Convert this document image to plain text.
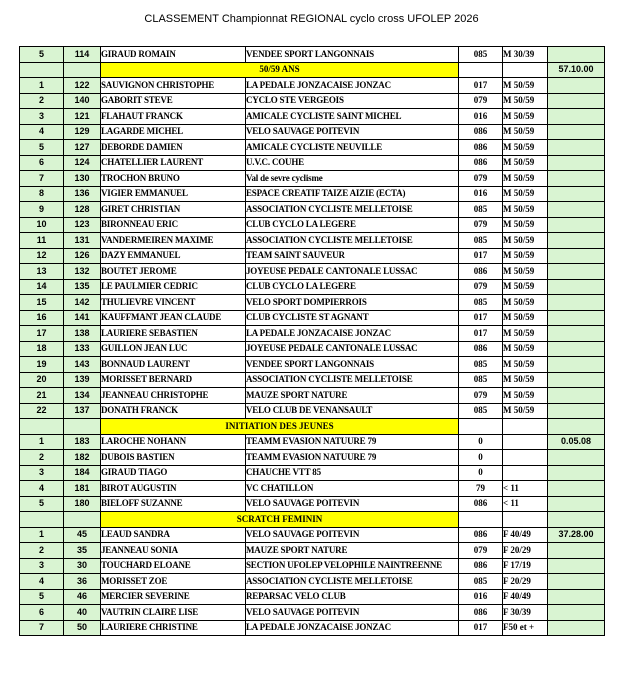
CLASSEMENT Championnat REGIONAL cyclo cross UFOLEP 2026
5	114	GIRAUD ROMAIN	VENDEE SPORT LANGONNAIS	085	M 30/39	
		50/59 ANS				57.10.00
1	122	SAUVIGNON CHRISTOPHE	LA PEDALE JONZACAISE JONZAC	017	M 50/59	
2	140	GABORIT STEVE	CYCLO STE VERGEOIS	079	M 50/59	
3	121	FLAHAUT FRANCK	AMICALE CYCLISTE SAINT MICHEL	016	M 50/59	
4	129	LAGARDE MICHEL	VELO SAUVAGE POITEVIN	086	M 50/59	
5	127	DEBORDE DAMIEN	AMICALE CYCLISTE NEUVILLE	086	M 50/59	
6	124	CHATELLIER LAURENT	U.V.C. COUHE	086	M 50/59	
7	130	TROCHON BRUNO	Val de sevre cyclisme	079	M 50/59	
8	136	VIGIER EMMANUEL	ESPACE CREATIF TAIZE AIZIE (ECTA)	016	M 50/59	
9	128	GIRET CHRISTIAN	ASSOCIATION CYCLISTE MELLETOISE	085	M 50/59	
10	123	BIRONNEAU ERIC	CLUB CYCLO LA LEGERE	079	M 50/59	
11	131	VANDERMEIREN MAXIME	ASSOCIATION CYCLISTE MELLETOISE	085	M 50/59	
12	126	DAZY EMMANUEL	TEAM SAINT SAUVEUR	017	M 50/59	
13	132	BOUTET JEROME	JOYEUSE PEDALE CANTONALE LUSSAC	086	M 50/59	
14	135	LE PAULMIER CEDRIC	CLUB CYCLO LA LEGERE	079	M 50/59	
15	142	THULIEVRE VINCENT	VELO SPORT DOMPIERROIS	085	M 50/59	
16	141	KAUFFMANT JEAN CLAUDE	CLUB CYCLISTE ST AGNANT	017	M 50/59	
17	138	LAURIERE SEBASTIEN	LA PEDALE JONZACAISE JONZAC	017	M 50/59	
18	133	GUILLON JEAN LUC	JOYEUSE PEDALE CANTONALE LUSSAC	086	M 50/59	
19	143	BONNAUD LAURENT	VENDEE SPORT LANGONNAIS	085	M 50/59	
20	139	MORISSET BERNARD	ASSOCIATION CYCLISTE MELLETOISE	085	M 50/59	
21	134	JEANNEAU CHRISTOPHE	MAUZE SPORT NATURE	079	M 50/59	
22	137	DONATH FRANCK	VELO CLUB DE VENANSAULT	085	M 50/59	
		INITIATION DES JEUNES				
1	183	LAROCHE NOHANN	TEAMM EVASION NATUURE 79	0		0.05.08
2	182	DUBOIS BASTIEN	TEAMM EVASION NATUURE 79	0		
3	184	GIRAUD TIAGO	CHAUCHE VTT 85	0		
4	181	BIROT AUGUSTIN	VC CHATILLON	79	< 11	
5	180	BIELOFF SUZANNE	VELO SAUVAGE POITEVIN	086	< 11	
		SCRATCH FEMININ				
1	45	LEAUD SANDRA	VELO SAUVAGE POITEVIN	086	F 40/49	37.28.00
2	35	JEANNEAU SONIA	MAUZE SPORT NATURE	079	F 20/29	
3	30	TOUCHARD ELOANE	SECTION UFOLEP VELOPHILE NAINTREENNE	086	F 17/19	
4	36	MORISSET ZOE	ASSOCIATION CYCLISTE MELLETOISE	085	F 20/29	
5	46	MERCIER SEVERINE	REPARSAC VELO CLUB	016	F 40/49	
6	40	VAUTRIN CLAIRE LISE	VELO SAUVAGE POITEVIN	086	F 30/39	
7	50	LAURIERE CHRISTINE	LA PEDALE JONZACAISE JONZAC	017	F50 et +	
